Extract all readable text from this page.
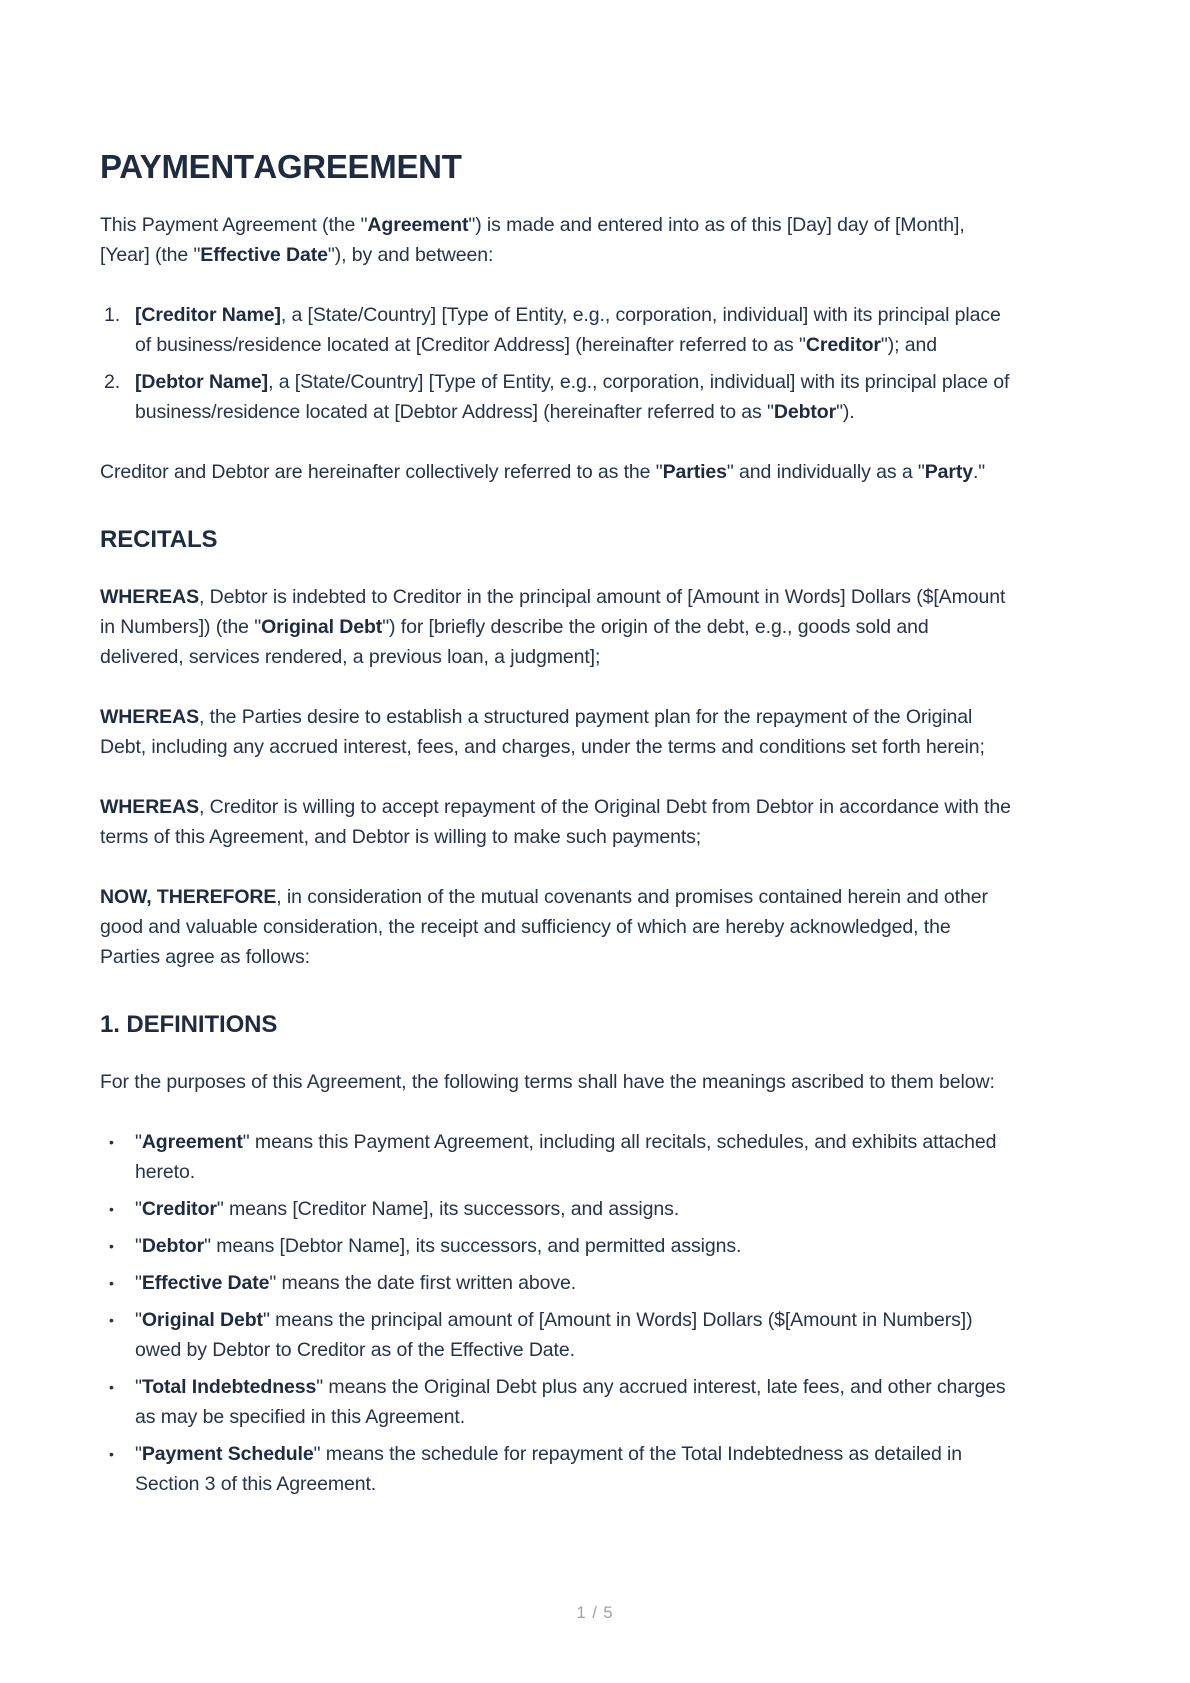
PAYMENT AGREEMENT

This Payment Agreement (the "Agreement") is made and entered into as of this [Day] day of [Month], [Year] (the "Effective Date"), by and between:

1. [Creditor Name], a [State/Country] [Type of Entity, e.g., corporation, individual] with its principal place of business/residence located at [Creditor Address] (hereinafter referred to as "Creditor"); and
2. [Debtor Name], a [State/Country] [Type of Entity, e.g., corporation, individual] with its principal place of business/residence located at [Debtor Address] (hereinafter referred to as "Debtor").

Creditor and Debtor are hereinafter collectively referred to as the "Parties" and individually as a "Party."

RECITALS

WHEREAS, Debtor is indebted to Creditor in the principal amount of [Amount in Words] Dollars ($[Amount in Numbers]) (the "Original Debt") for [briefly describe the origin of the debt, e.g., goods sold and delivered, services rendered, a previous loan, a judgment];

WHEREAS, the Parties desire to establish a structured payment plan for the repayment of the Original Debt, including any accrued interest, fees, and charges, under the terms and conditions set forth herein;

WHEREAS, Creditor is willing to accept repayment of the Original Debt from Debtor in accordance with the terms of this Agreement, and Debtor is willing to make such payments;

NOW, THEREFORE, in consideration of the mutual covenants and promises contained herein and other good and valuable consideration, the receipt and sufficiency of which are hereby acknowledged, the Parties agree as follows:

1. DEFINITIONS

For the purposes of this Agreement, the following terms shall have the meanings ascribed to them below:

•	"Agreement" means this Payment Agreement, including all recitals, schedules, and exhibits attached hereto.
•	"Creditor" means [Creditor Name], its successors, and assigns.
•	"Debtor" means [Debtor Name], its successors, and permitted assigns.
•	"Effective Date" means the date first written above.
•	"Original Debt" means the principal amount of [Amount in Words] Dollars ($[Amount in Numbers]) owed by Debtor to Creditor as of the Effective Date.
•	"Total Indebtedness" means the Original Debt plus any accrued interest, late fees, and other charges as may be specified in this Agreement.
•	"Payment Schedule" means the schedule for repayment of the Total Indebtedness as detailed in Section 3 of this Agreement.
1 / 5
